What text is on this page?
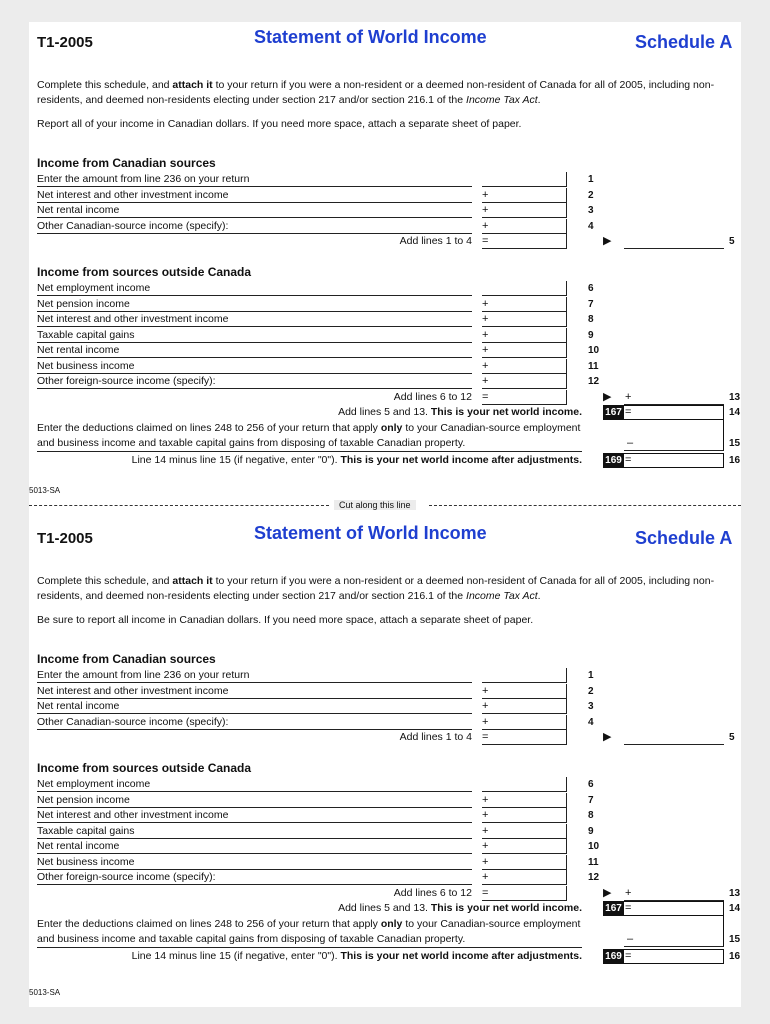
Cut along this line
T1-2005	Statement of World Income	Schedule A
Complete this schedule, and attach it to your return if you were a non-resident or a deemed non-resident of Canada for all of 2005, including non-residents, and deemed non-residents electing under section 217 and/or section 216.1 of the Income Tax Act.
Report all of your income in Canadian dollars. If you need more space, attach a separate sheet of paper.
Income from Canadian sources
Enter the amount from line 236 on your return	1
Net interest and other investment income	+	2
Net rental income	+	3
Other Canadian-source income (specify):	+	4
Add lines 1 to 4 =	▶	5
Income from sources outside Canada
Net employment income	6
Net pension income	+	7
Net interest and other investment income	+	8
Taxable capital gains	+	9
Net rental income	+	10
Net business income	+	11
Other foreign-source income (specify):	+	12
Add lines 6 to 12 =	▶ +	13
Add lines 5 and 13. This is your net world income. 167 =	14
Enter the deductions claimed on lines 248 to 256 of your return that apply only to your Canadian-source employment and business income and taxable capital gains from disposing of taxable Canadian property.	–	15
Line 14 minus line 15 (if negative, enter "0"). This is your net world income after adjustments. 169 =	16
5013-SA
T1-2005	Statement of World Income	Schedule A
Complete this schedule, and attach it to your return if you were a non-resident or a deemed non-resident of Canada for all of 2005, including non-residents, and deemed non-residents electing under section 217 and/or section 216.1 of the Income Tax Act.
Be sure to report all income in Canadian dollars. If you need more space, attach a separate sheet of paper.
Income from Canadian sources
Enter the amount from line 236 on your return	1
Net interest and other investment income	+	2
Net rental income	+	3
Other Canadian-source income (specify):	+	4
Add lines 1 to 4 =	▶	5
Income from sources outside Canada
Net employment income	6
Net pension income	+	7
Net interest and other investment income	+	8
Taxable capital gains	+	9
Net rental income	+	10
Net business income	+	11
Other foreign-source income (specify):	+	12
Add lines 6 to 12 =	▶ +	13
Add lines 5 and 13. This is your net world income. 167 =	14
Enter the deductions claimed on lines 248 to 256 of your return that apply only to your Canadian-source employment and business income and taxable capital gains from disposing of taxable Canadian property.	–	15
Line 14 minus line 15 (if negative, enter "0"). This is your net world income after adjustments. 169 =	16
5013-SA
